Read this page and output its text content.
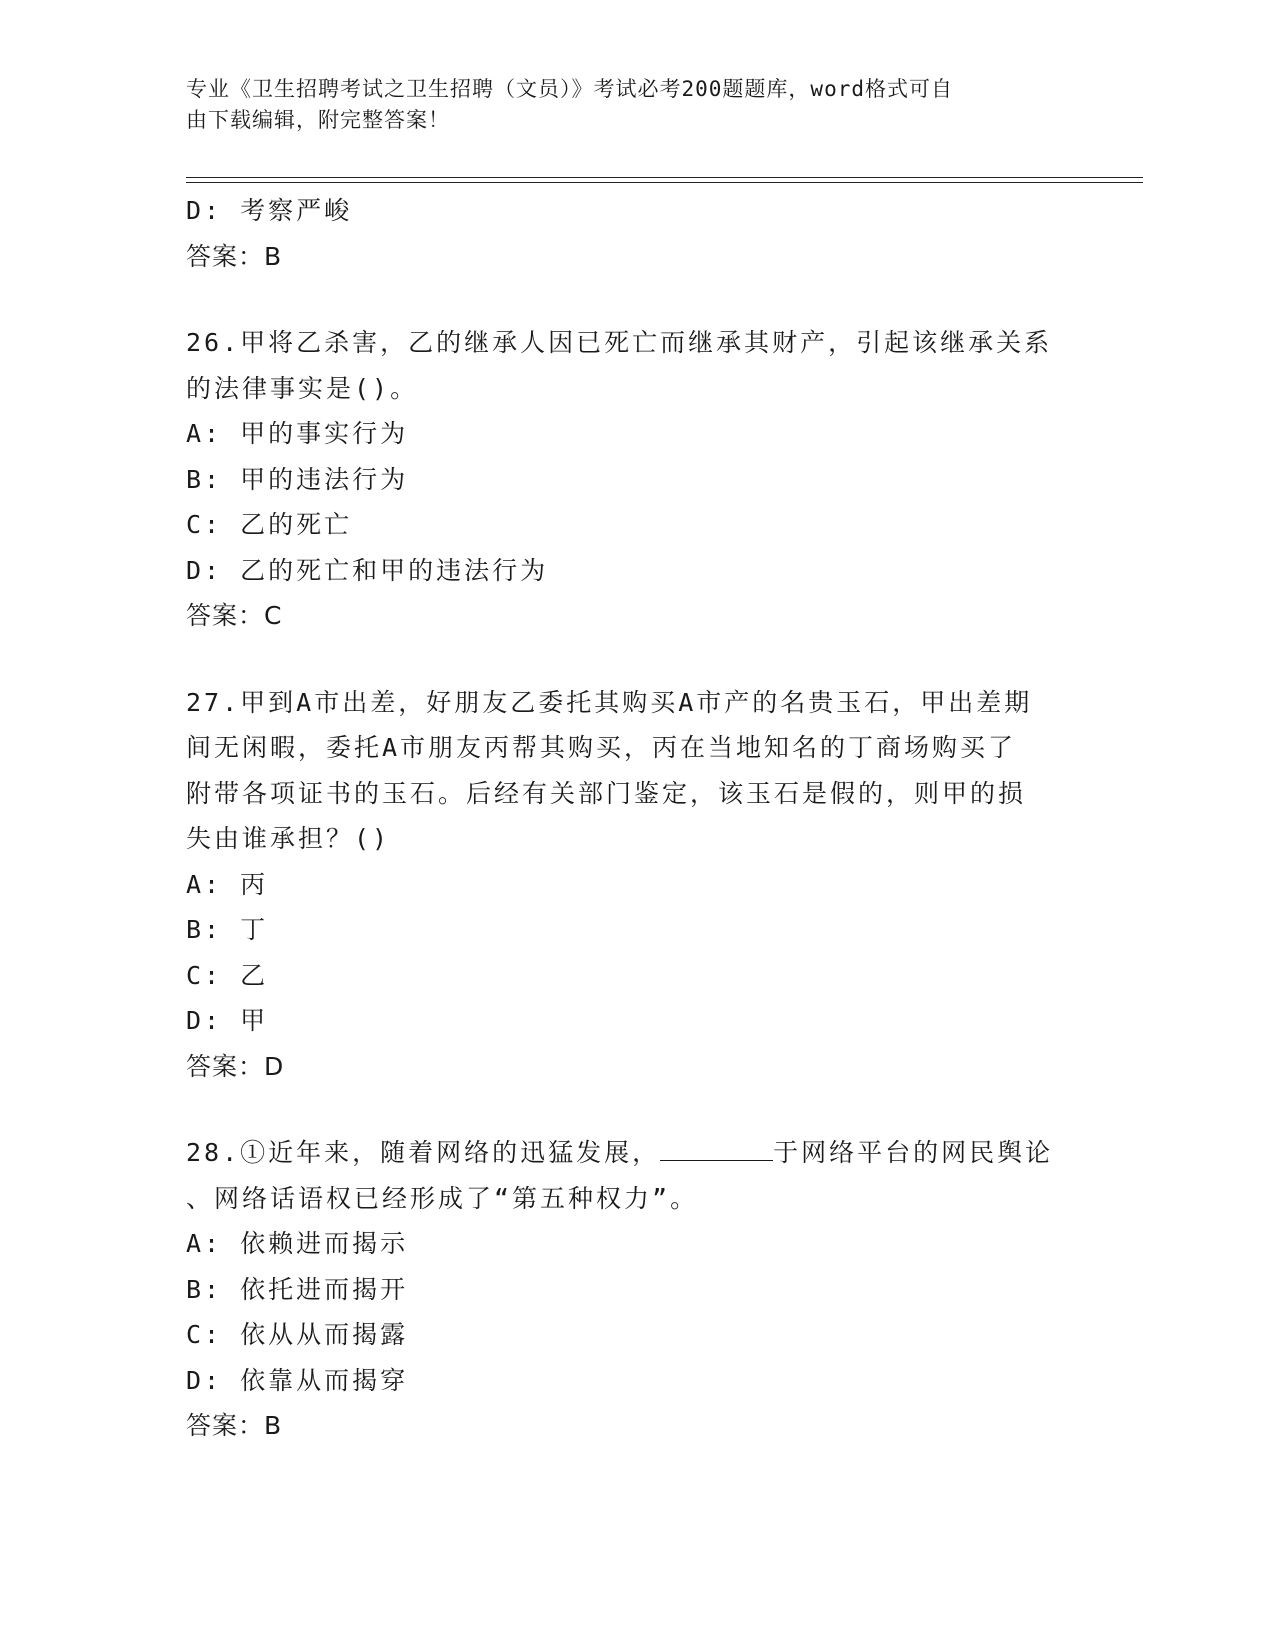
专业《卫生招聘考试之卫生招聘（文员）》考试必考200题题库，word格式可自
由下载编辑，附完整答案！
D: 考察严峻
答案：B
26.甲将乙杀害，乙的继承人因已死亡而继承其财产，引起该继承关系
的法律事实是()。
A: 甲的事实行为
B: 甲的违法行为
C: 乙的死亡
D: 乙的死亡和甲的违法行为
答案：C
27.甲到A市出差，好朋友乙委托其购买A市产的名贵玉石，甲出差期
间无闲暇，委托A市朋友丙帮其购买，丙在当地知名的丁商场购买了
附带各项证书的玉石。后经有关部门鉴定，该玉石是假的，则甲的损
失由谁承担？()
A: 丙
B: 丁
C: 乙
D: 甲
答案：D
28.①近年来，随着网络的迅猛发展，	于网络平台的网民舆论
、网络话语权已经形成了“第五种权力”。
A: 依赖进而揭示
B: 依托进而揭开
C: 依从从而揭露
D: 依靠从而揭穿
答案：B
